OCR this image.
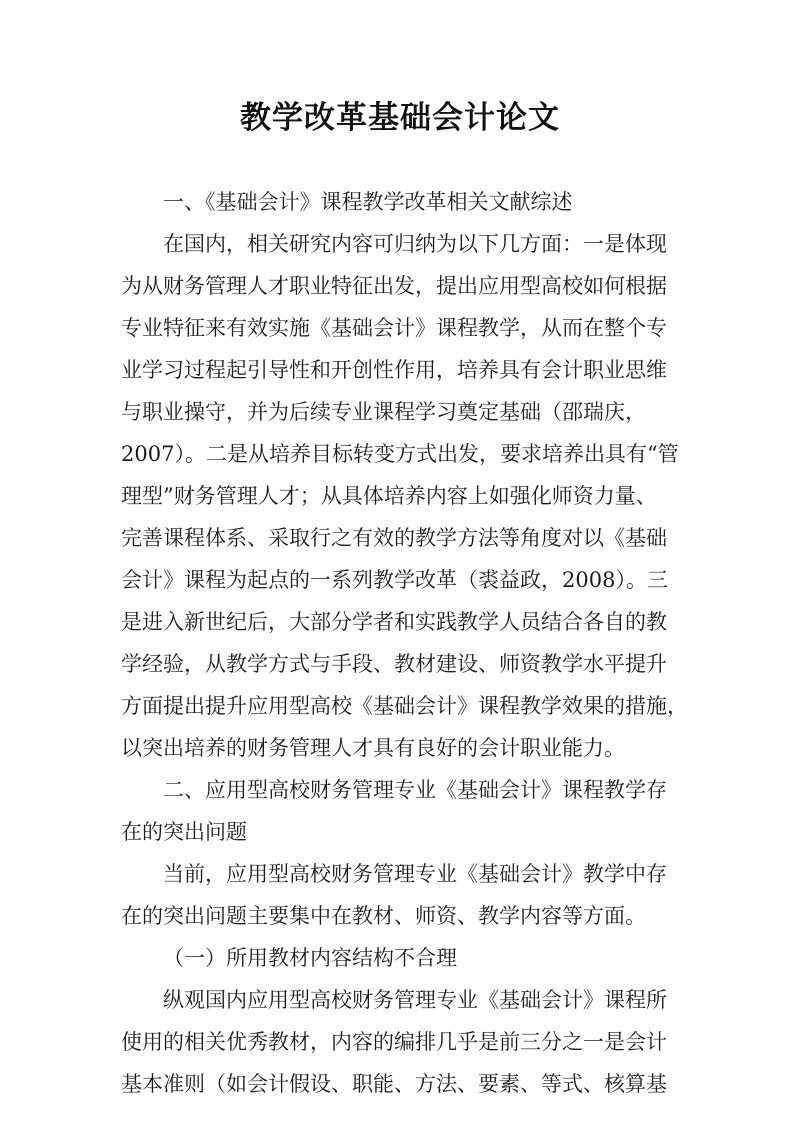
教学改革基础会计论文
一、《基础会计》课程教学改革相关文献综述
在国内，相关研究内容可归纳为以下几方面：一是体现
为从财务管理人才职业特征出发，提出应用型高校如何根据
专业特征来有效实施《基础会计》课程教学，从而在整个专
业学习过程起引导性和开创性作用，培养具有会计职业思维
与职业操守，并为后续专业课程学习奠定基础（邵瑞庆，
2007）。二是从培养目标转变方式出发，要求培养出具有“管
理型”财务管理人才；从具体培养内容上如强化师资力量、
完善课程体系、采取行之有效的教学方法等角度对以《基础
会计》课程为起点的一系列教学改革（裘益政，2008）。三
是进入新世纪后，大部分学者和实践教学人员结合各自的教
学经验，从教学方式与手段、教材建设、师资教学水平提升
方面提出提升应用型高校《基础会计》课程教学效果的措施，
以突出培养的财务管理人才具有良好的会计职业能力。
二、应用型高校财务管理专业《基础会计》课程教学存
在的突出问题
当前，应用型高校财务管理专业《基础会计》教学中存
在的突出问题主要集中在教材、师资、教学内容等方面。
（一）所用教材内容结构不合理
纵观国内应用型高校财务管理专业《基础会计》课程所
使用的相关优秀教材，内容的编排几乎是前三分之一是会计
基本准则（如会计假设、职能、方法、要素、等式、核算基
